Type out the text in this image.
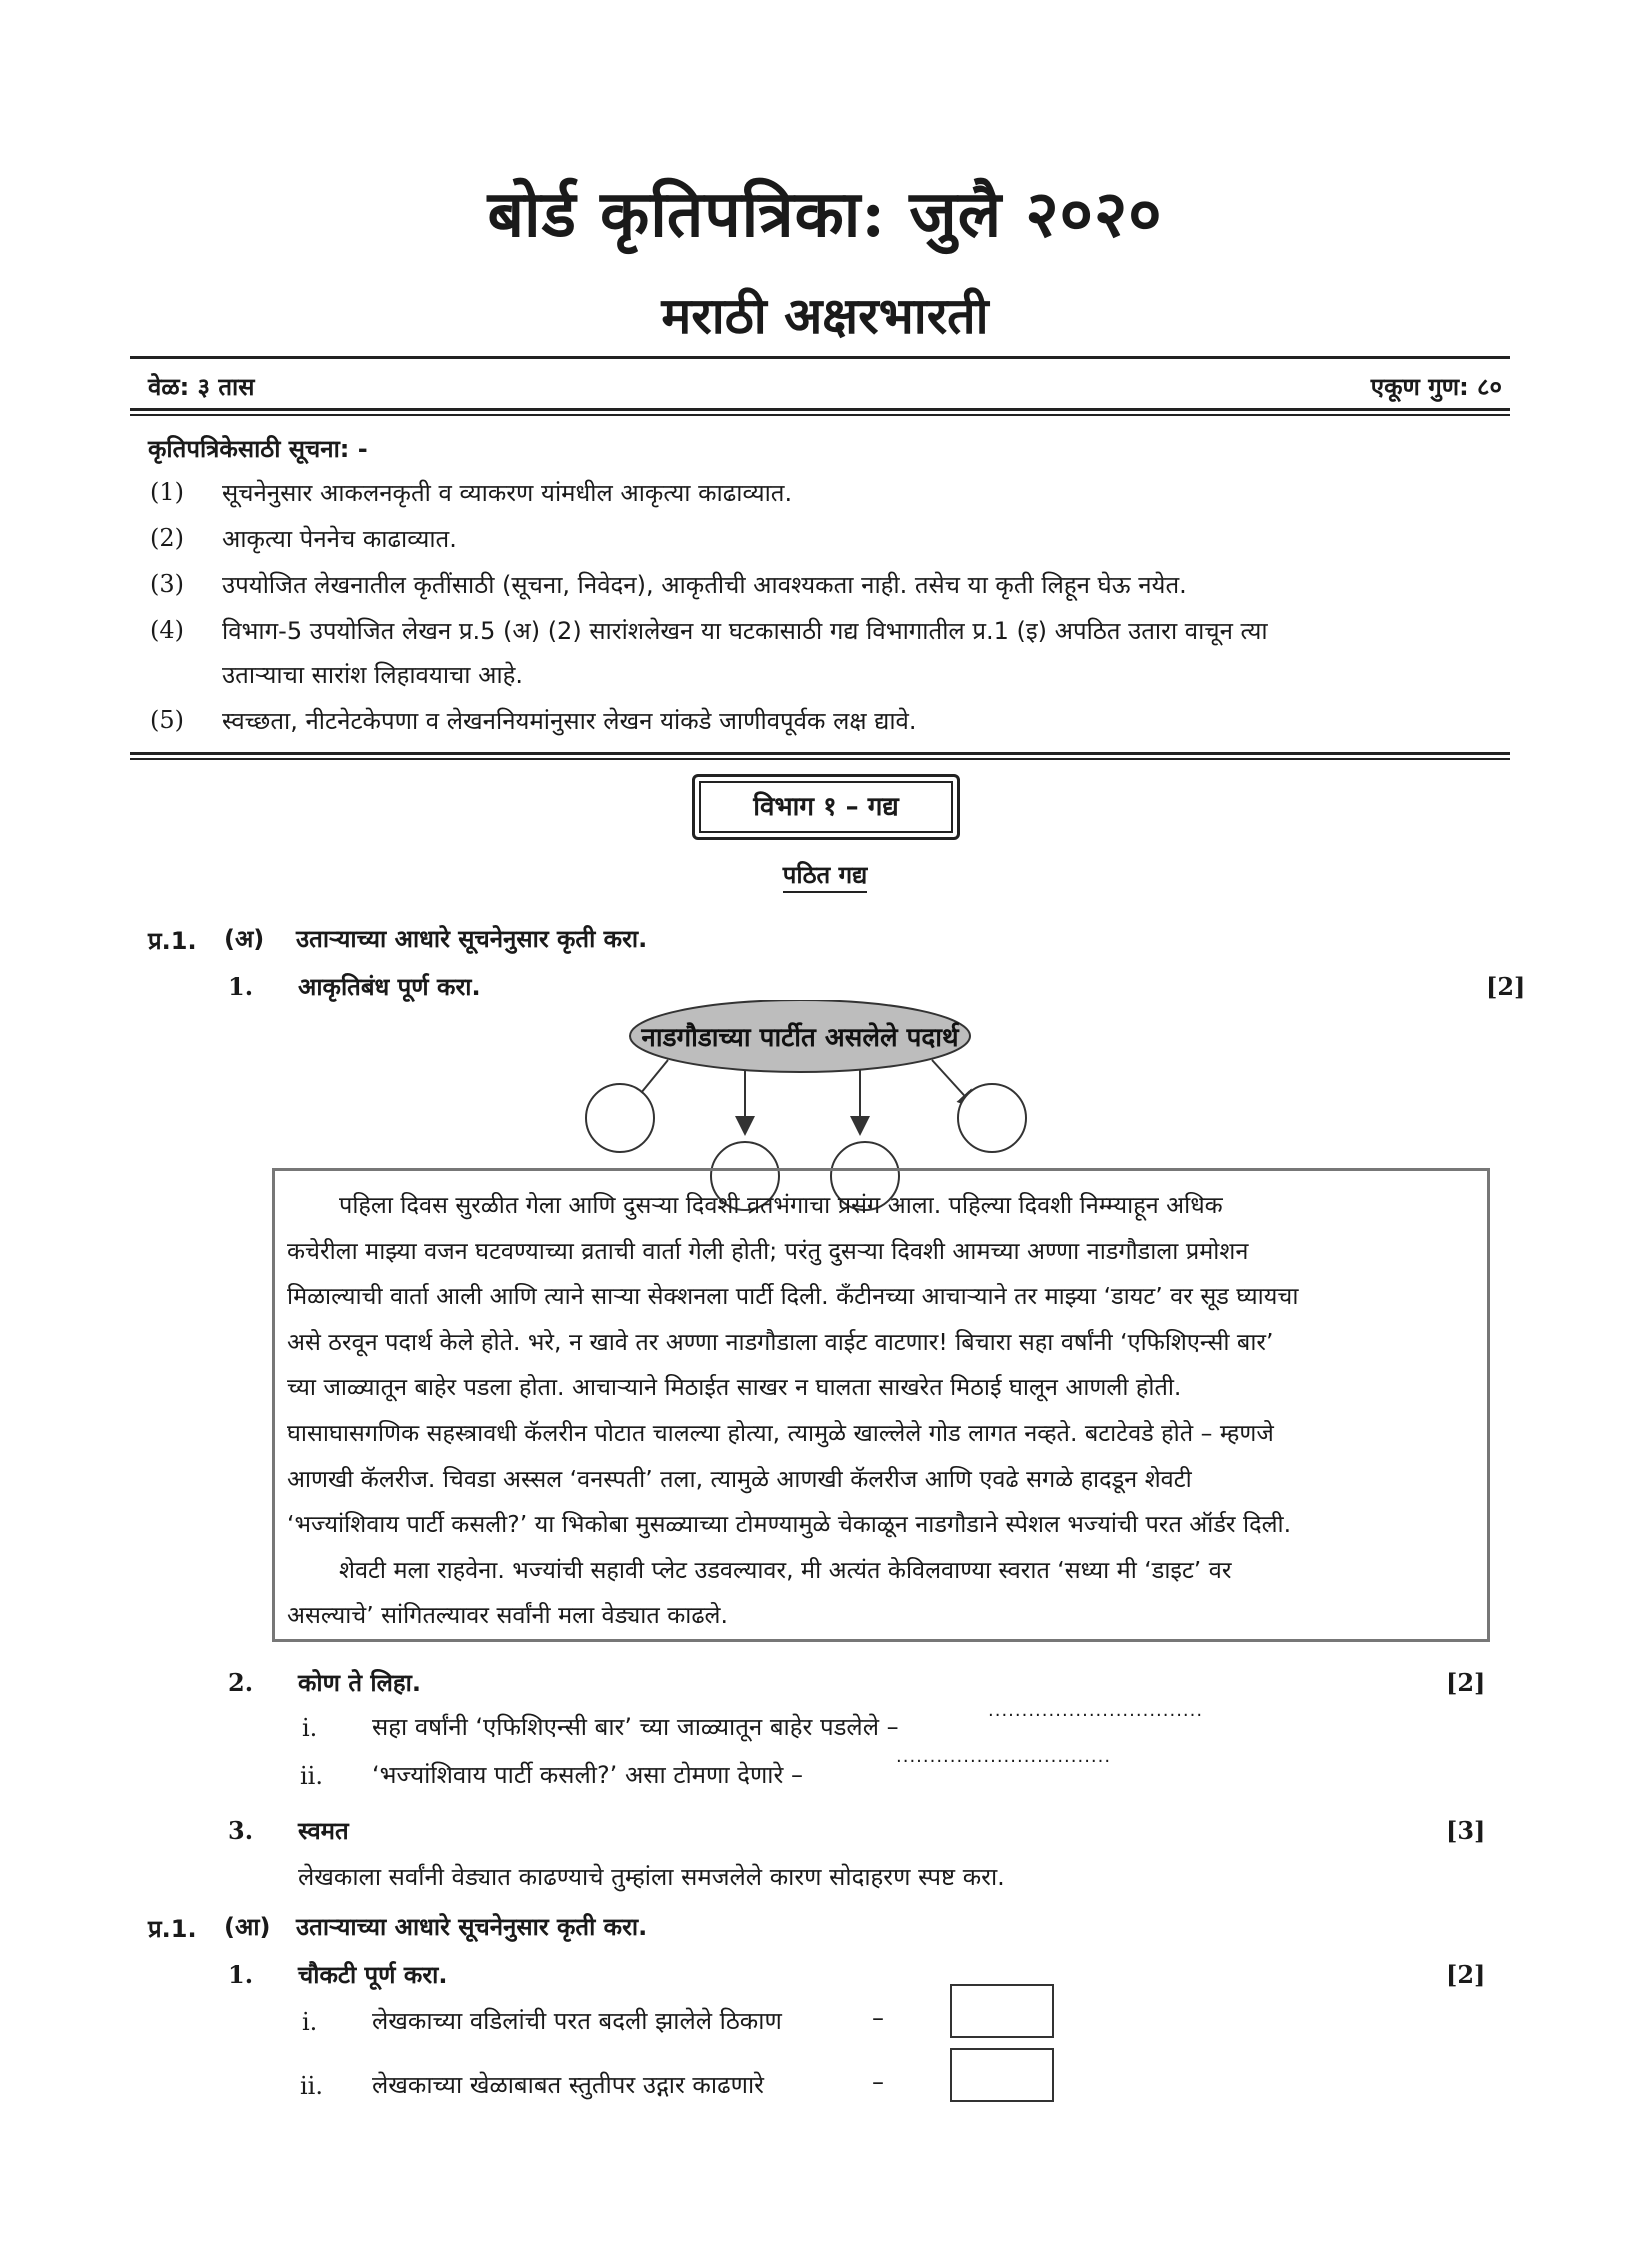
बोर्ड कृतिपत्रिका: जुलै २०२०
मराठी अक्षरभारती
वेळ: ३ तास	एकूण गुण: ८०
कृतिपत्रिकेसाठी सूचना: -
(1) सूचनेनुसार आकलनकृती व व्याकरण यांमधील आकृत्या काढाव्यात.
(2) आकृत्या पेननेच काढाव्यात.
(3) उपयोजित लेखनातील कृतींसाठी (सूचना, निवेदन), आकृतीची आवश्यकता नाही. तसेच या कृती लिहून घेऊ नयेत.
(4) विभाग-5 उपयोजित लेखन प्र.5 (अ) (2) सारांशलेखन या घटकासाठी गद्य विभागातील प्र.1 (इ) अपठित उतारा वाचून त्या
उताऱ्याचा सारांश लिहावयाचा आहे.
(5) स्वच्छता, नीटनेटकेपणा व लेखननियमांनुसार लेखन यांकडे जाणीवपूर्वक लक्ष द्यावे.
विभाग १ – गद्य
पठित गद्य
प्र.1. (अ) उताऱ्याच्या आधारे सूचनेनुसार कृती करा.
1. आकृतिबंध पूर्ण करा.	[2]
नाडगौडाच्या पार्टीत असलेले पदार्थ
पहिला दिवस सुरळीत गेला आणि दुसऱ्या दिवशी व्रतभंगाचा प्रसंग आला. पहिल्या दिवशी निम्म्याहून अधिक
कचेरीला माझ्या वजन घटवण्याच्या व्रताची वार्ता गेली होती; परंतु दुसऱ्या दिवशी आमच्या अण्णा नाडगौडाला प्रमोशन
मिळाल्याची वार्ता आली आणि त्याने साऱ्या सेक्शनला पार्टी दिली. कँटीनच्या आचाऱ्याने तर माझ्या ‘डायट’ वर सूड घ्यायचा
असे ठरवून पदार्थ केले होते. भरे, न खावे तर अण्णा नाडगौडाला वाईट वाटणार! बिचारा सहा वर्षांनी ‘एफिशिएन्सी बार’
च्या जाळ्यातून बाहेर पडला होता. आचाऱ्याने मिठाईत साखर न घालता साखरेत मिठाई घालून आणली होती.
घासाघासगणिक सहस्त्रावधी कॅलरीन पोटात चालल्या होत्या, त्यामुळे खाल्लेले गोड लागत नव्हते. बटाटेवडे होते – म्हणजे
आणखी कॅलरीज. चिवडा अस्सल ‘वनस्पती’ तला, त्यामुळे आणखी कॅलरीज आणि एवढे सगळे हादडून शेवटी
‘भज्यांशिवाय पार्टी कसली?’ या भिकोबा मुसळ्याच्या टोमण्यामुळे चेकाळून नाडगौडाने स्पेशल भज्यांची परत ऑर्डर दिली.
शेवटी मला राहवेना. भज्यांची सहावी प्लेट उडवल्यावर, मी अत्यंत केविलवाण्या स्वरात ‘सध्या मी ‘डाइट’ वर
असल्याचे’ सांगितल्यावर सर्वांनी मला वेड्यात काढले.
2. कोण ते लिहा.	[2]
i. सहा वर्षांनी ‘एफिशिएन्सी बार’ च्या जाळ्यातून बाहेर पडलेले –
................................
ii. ‘भज्यांशिवाय पार्टी कसली?’ असा टोमणा देणारे –
................................
3. स्वमत	[3]
लेखकाला सर्वांनी वेड्यात काढण्याचे तुम्हांला समजलेले कारण सोदाहरण स्पष्ट करा.
प्र.1. (आ) उताऱ्याच्या आधारे सूचनेनुसार कृती करा.
1. चौकटी पूर्ण करा.	[2]
i. लेखकाच्या वडिलांची परत बदली झालेले ठिकाण	–
ii. लेखकाच्या खेळाबाबत स्तुतीपर उद्गार काढणारे	–
